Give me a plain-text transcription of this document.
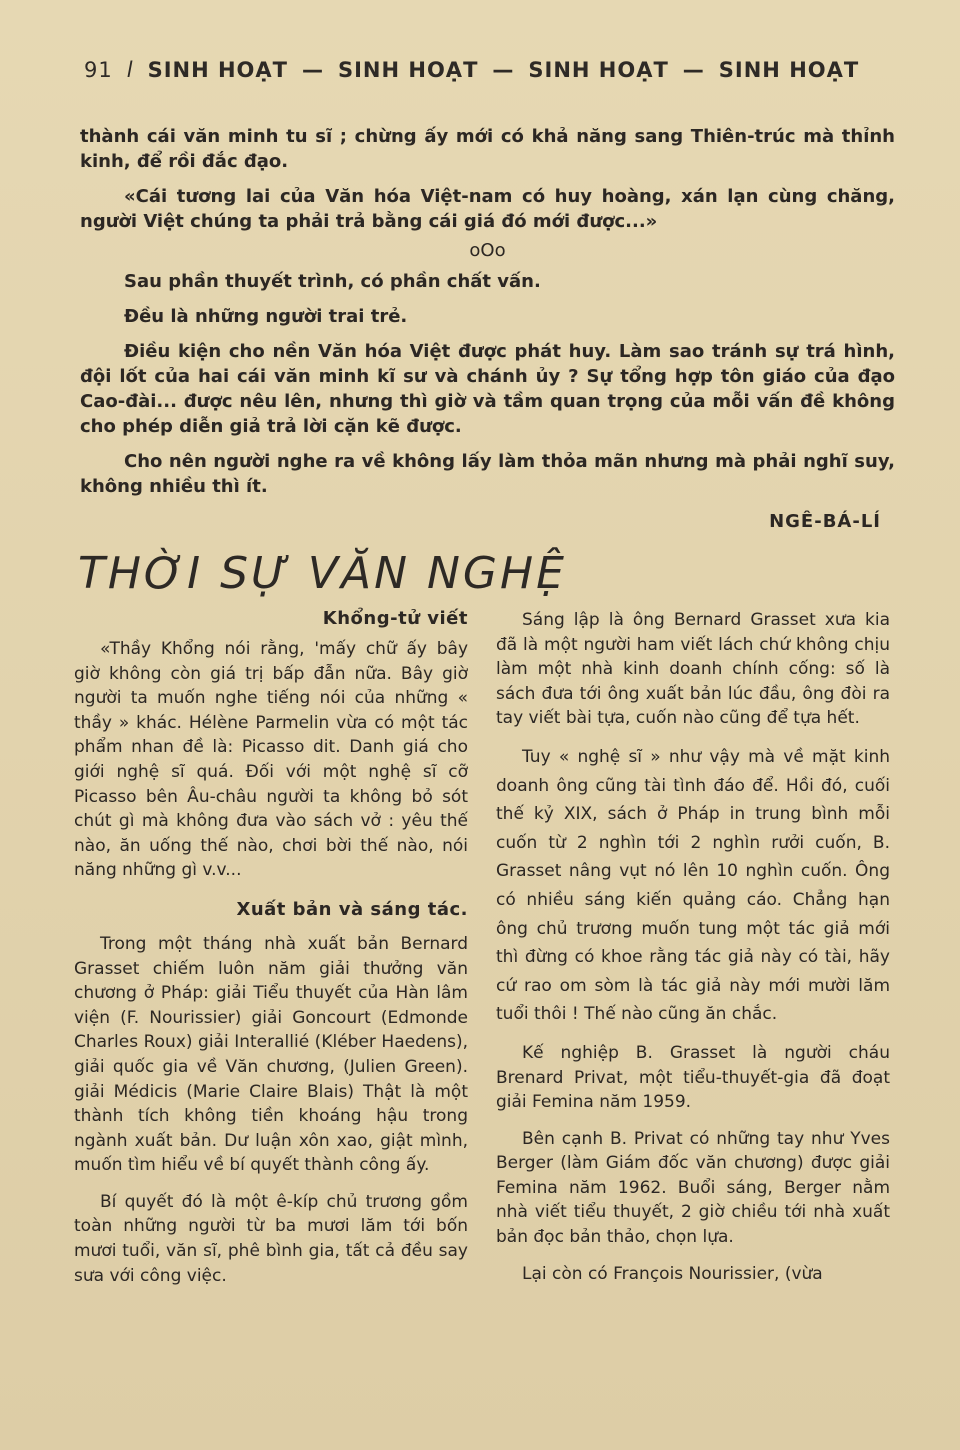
91 l SINH HOẠT — SINH HOẠT — SINH HOẠT — SINH HOẠT

thành cái văn minh tu sĩ ; chừng ấy mới có khả năng sang Thiên-trúc mà thỉnh kinh, để rồi đắc đạo.

«Cái tương lai của Văn hóa Việt-nam có huy hoàng, xán lạn cùng chăng, người Việt chúng ta phải trả bằng cái giá đó mới được...»

oOo

Sau phần thuyết trình, có phần chất vấn.

Đều là những người trai trẻ.

Điều kiện cho nền Văn hóa Việt được phát huy. Làm sao tránh sự trá hình, đội lốt của hai cái văn minh kĩ sư và chánh ủy ? Sự tổng hợp tôn giáo của đạo Cao-đài... được nêu lên, nhưng thì giờ và tầm quan trọng của mỗi vấn đề không cho phép diễn giả trả lời cặn kẽ được.

Cho nên người nghe ra về không lấy làm thỏa mãn nhưng mà phải nghĩ suy, không nhiều thì ít.

NGÊ-BÁ-LÍ

THỜI SỰ VĂN NGHỆ
Khổng-tử viết

«Thầy Khổng nói rằng, 'mấy chữ ấy bây giờ không còn giá trị bấp đẫn nữa. Bây giờ người ta muốn nghe tiếng nói của những « thầy » khác. Hélène Parmelin vừa có một tác phẩm nhan đề là: Picasso dit. Danh giá cho giới nghệ sĩ quá. Đối với một nghệ sĩ cỡ Picasso bên Âu-châu người ta không bỏ sót chút gì mà không đưa vào sách vở : yêu thế nào, ăn uống thế nào, chơi bời thế nào, nói năng những gì v.v...

Xuất bản và sáng tác.

Trong một tháng nhà xuất bản Bernard Grasset chiếm luôn năm giải thưởng văn chương ở Pháp: giải Tiểu thuyết của Hàn lâm viện (F. Nourissier) giải Goncourt (Edmonde Charles Roux) giải Interallié (Kléber Haedens), giải quốc gia về Văn chương, (Julien Green). giải Médicis (Marie Claire Blais) Thật là một thành tích không tiền khoáng hậu trong ngành xuất bản. Dư luận xôn xao, giật mình, muốn tìm hiểu về bí quyết thành công ấy.

Bí quyết đó là một ê-kíp chủ trương gồm toàn những người từ ba mươi lăm tới bốn mươi tuổi, văn sĩ, phê bình gia, tất cả đều say sưa với công việc.

Sáng lập là ông Bernard Grasset xưa kia đã là một người ham viết lách chứ không chịu làm một nhà kinh doanh chính cống: số là sách đưa tới ông xuất bản lúc đầu, ông đòi ra tay viết bài tựa, cuốn nào cũng để tựa hết.

Tuy « nghệ sĩ » như vậy mà về mặt kinh doanh ông cũng tài tình đáo để. Hồi đó, cuối thế kỷ XIX, sách ở Pháp in trung bình mỗi cuốn từ 2 nghìn tới 2 nghìn rưởi cuốn, B. Grasset nâng vụt nó lên 10 nghìn cuốn. Ông có nhiều sáng kiến quảng cáo. Chẳng hạn ông chủ trương muốn tung một tác giả mới thì đừng có khoe rằng tác giả này có tài, hãy cứ rao om sòm là tác giả này mới mười lăm tuổi thôi ! Thế nào cũng ăn chắc.

Kế nghiệp B. Grasset là người cháu Brenard Privat, một tiểu-thuyết-gia đã đoạt giải Femina năm 1959.

Bên cạnh B. Privat có những tay như Yves Berger (làm Giám đốc văn chương) được giải Femina năm 1962. Buổi sáng, Berger nằm nhà viết tiểu thuyết, 2 giờ chiều tới nhà xuất bản đọc bản thảo, chọn lựa.

Lại còn có François Nourissier, (vừa
